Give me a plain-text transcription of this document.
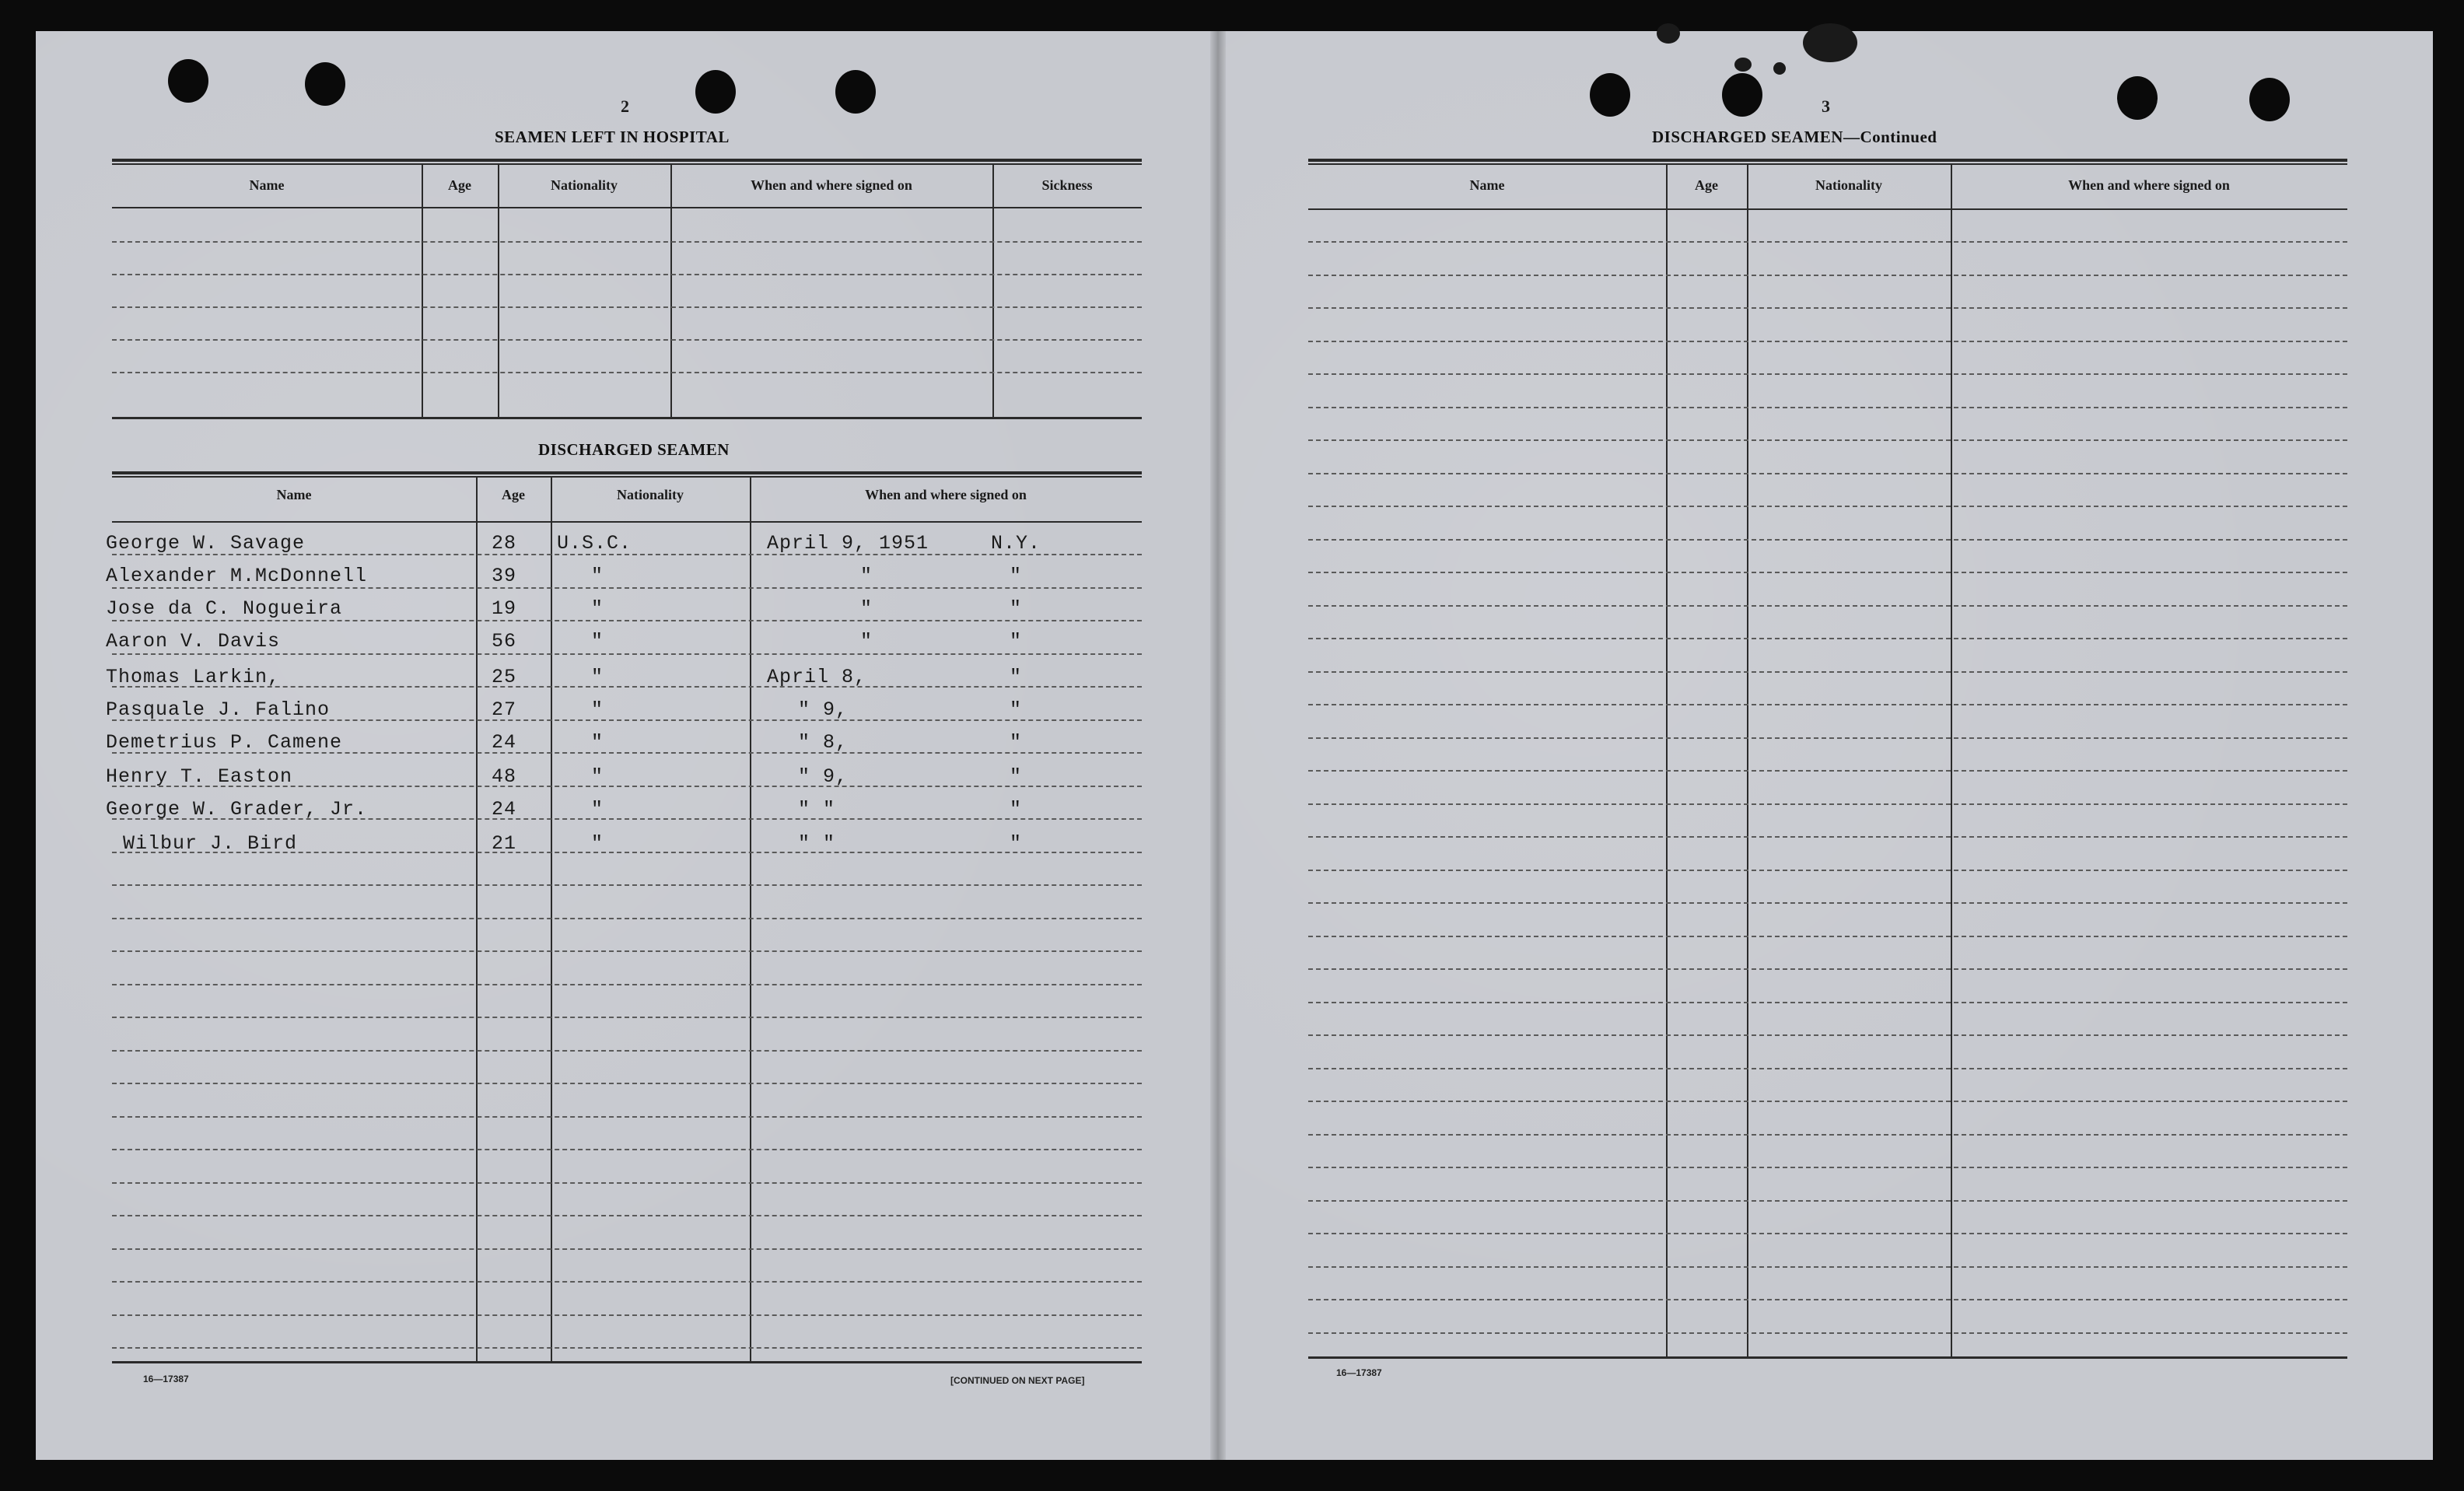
2
SEAMEN LEFT IN HOSPITAL
Name	Age	Nationality	When and where signed on	Sickness
DISCHARGED SEAMEN
Name	Age	Nationality	When and where signed on
George W. Savage	28 U.S.C.	April 9, 1951	N.Y.
Alexander M.McDonnell	39	"	"	"
Jose da C. Nogueira	19	"	"	"
Aaron V. Davis	56	"	"	"
Thomas Larkin,	25	"	April 8,	"
Pasquale J. Falino	27	"	" 9,	"
Demetrius P. Camene	24	"	" 8,	"
Henry T. Easton	48	"	" 9,	"
George W. Grader, Jr.	24	"	" "	"
Wilbur J. Bird	21	"	" "	"
16—17387	[CONTINUED ON NEXT PAGE]
3
DISCHARGED SEAMEN—Continued
Name	Age	Nationality	When and where signed on
16—17387
